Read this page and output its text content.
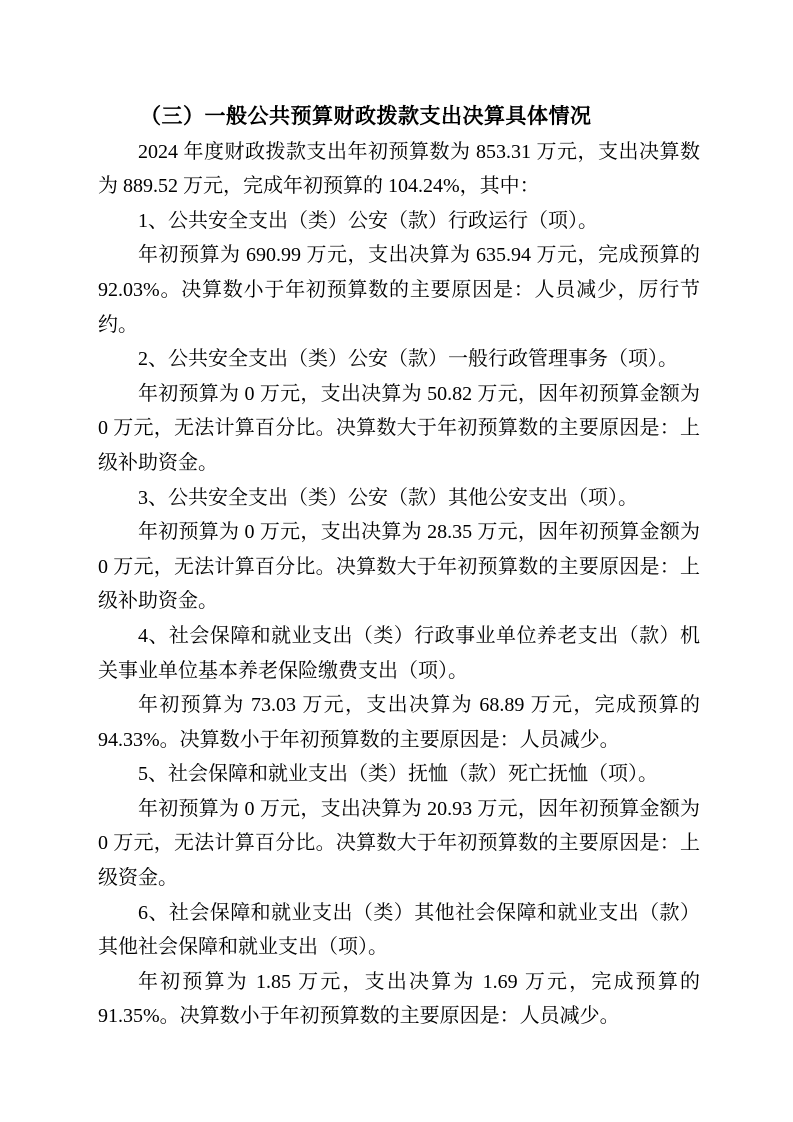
（三）一般公共预算财政拨款支出决算具体情况

2024 年度财政拨款支出年初预算数为 853.31 万元，支出决算数为 889.52 万元，完成年初预算的 104.24%，其中：

1、公共安全支出（类）公安（款）行政运行（项）。

年初预算为 690.99 万元，支出决算为 635.94 万元，完成预算的 92.03%。决算数小于年初预算数的主要原因是：人员减少，厉行节约。

2、公共安全支出（类）公安（款）一般行政管理事务（项）。

年初预算为 0 万元，支出决算为 50.82 万元，因年初预算金额为 0 万元，无法计算百分比。决算数大于年初预算数的主要原因是：上级补助资金。

3、公共安全支出（类）公安（款）其他公安支出（项）。

年初预算为 0 万元，支出决算为 28.35 万元，因年初预算金额为 0 万元，无法计算百分比。决算数大于年初预算数的主要原因是：上级补助资金。

4、社会保障和就业支出（类）行政事业单位养老支出（款）机关事业单位基本养老保险缴费支出（项）。

年初预算为 73.03 万元，支出决算为 68.89 万元，完成预算的 94.33%。决算数小于年初预算数的主要原因是：人员减少。

5、社会保障和就业支出（类）抚恤（款）死亡抚恤（项）。

年初预算为 0 万元，支出决算为 20.93 万元，因年初预算金额为 0 万元，无法计算百分比。决算数大于年初预算数的主要原因是：上级资金。

6、社会保障和就业支出（类）其他社会保障和就业支出（款）其他社会保障和就业支出（项）。

年初预算为 1.85 万元，支出决算为 1.69 万元，完成预算的 91.35%。决算数小于年初预算数的主要原因是：人员减少。
